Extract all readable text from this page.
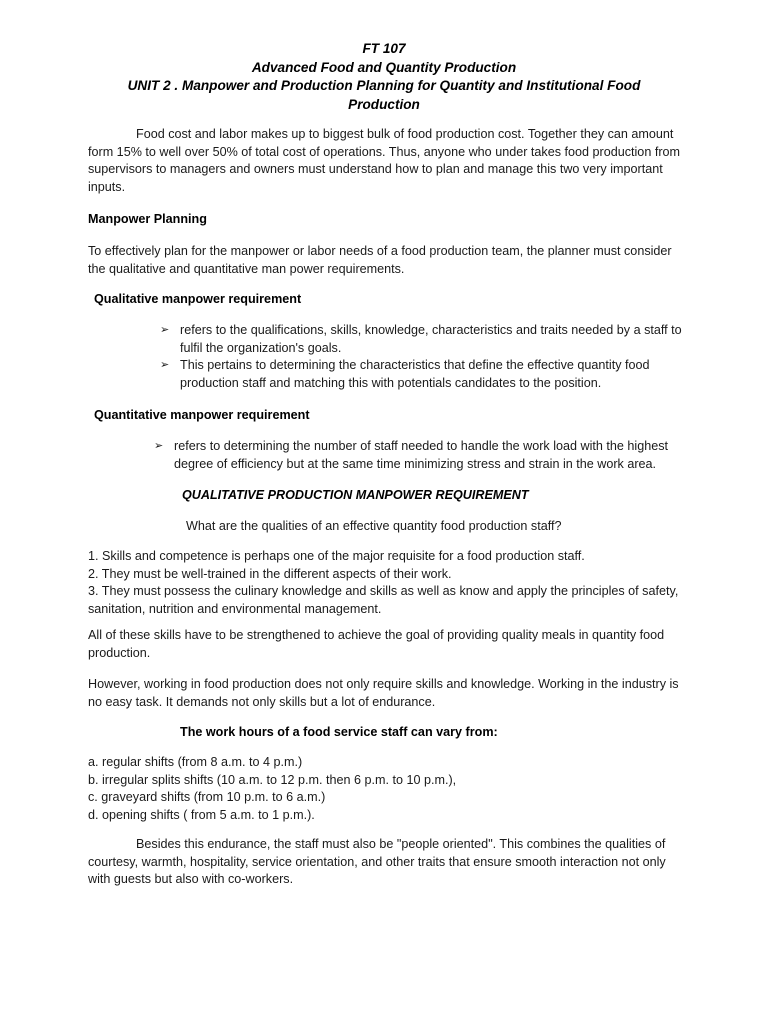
FT 107
Advanced Food and Quantity Production
UNIT 2 . Manpower and Production Planning for Quantity and Institutional Food
Production

Food cost and labor makes up to biggest bulk of food production cost. Together they can amount form 15% to well over 50% of total cost of operations. Thus, anyone who under takes food production from supervisors to managers and owners must understand how to plan and manage this two very important inputs.

Manpower Planning

To effectively plan for the manpower or labor needs of a food production team, the planner must consider the qualitative and quantitative man power requirements.

Qualitative manpower requirement

➢ refers to the qualifications, skills, knowledge, characteristics and traits needed by a staff to fulfil the organization's goals.
➢ This pertains to determining the characteristics that define the effective quantity food production staff and matching this with potentials candidates to the position.

Quantitative manpower requirement

➢ refers to determining the number of staff needed to handle the work load with the highest degree of efficiency but at the same time minimizing stress and strain in the work area.

QUALITATIVE PRODUCTION MANPOWER REQUIREMENT

What are the qualities of an effective quantity food production staff?

1. Skills and competence is perhaps one of the major requisite for a food production staff.
2. They must be well-trained in the different aspects of their work.
3. They must possess the culinary knowledge and skills as well as know and apply the principles of safety, sanitation, nutrition and environmental management.

All of these skills have to be strengthened to achieve the goal of providing quality meals in quantity food production.

However, working in food production does not only require skills and knowledge. Working in the industry is no easy task. It demands not only skills but a lot of endurance.

The work hours of a food service staff can vary from:

a. regular shifts (from 8 a.m. to 4 p.m.)
b. irregular splits shifts (10 a.m. to 12 p.m. then 6 p.m. to 10 p.m.),
c. graveyard shifts (from 10 p.m. to 6 a.m.)
d. opening shifts ( from 5 a.m. to 1 p.m.).

Besides this endurance, the staff must also be "people oriented". This combines the qualities of courtesy, warmth, hospitality, service orientation, and other traits that ensure smooth interaction not only with guests but also with co-workers.
